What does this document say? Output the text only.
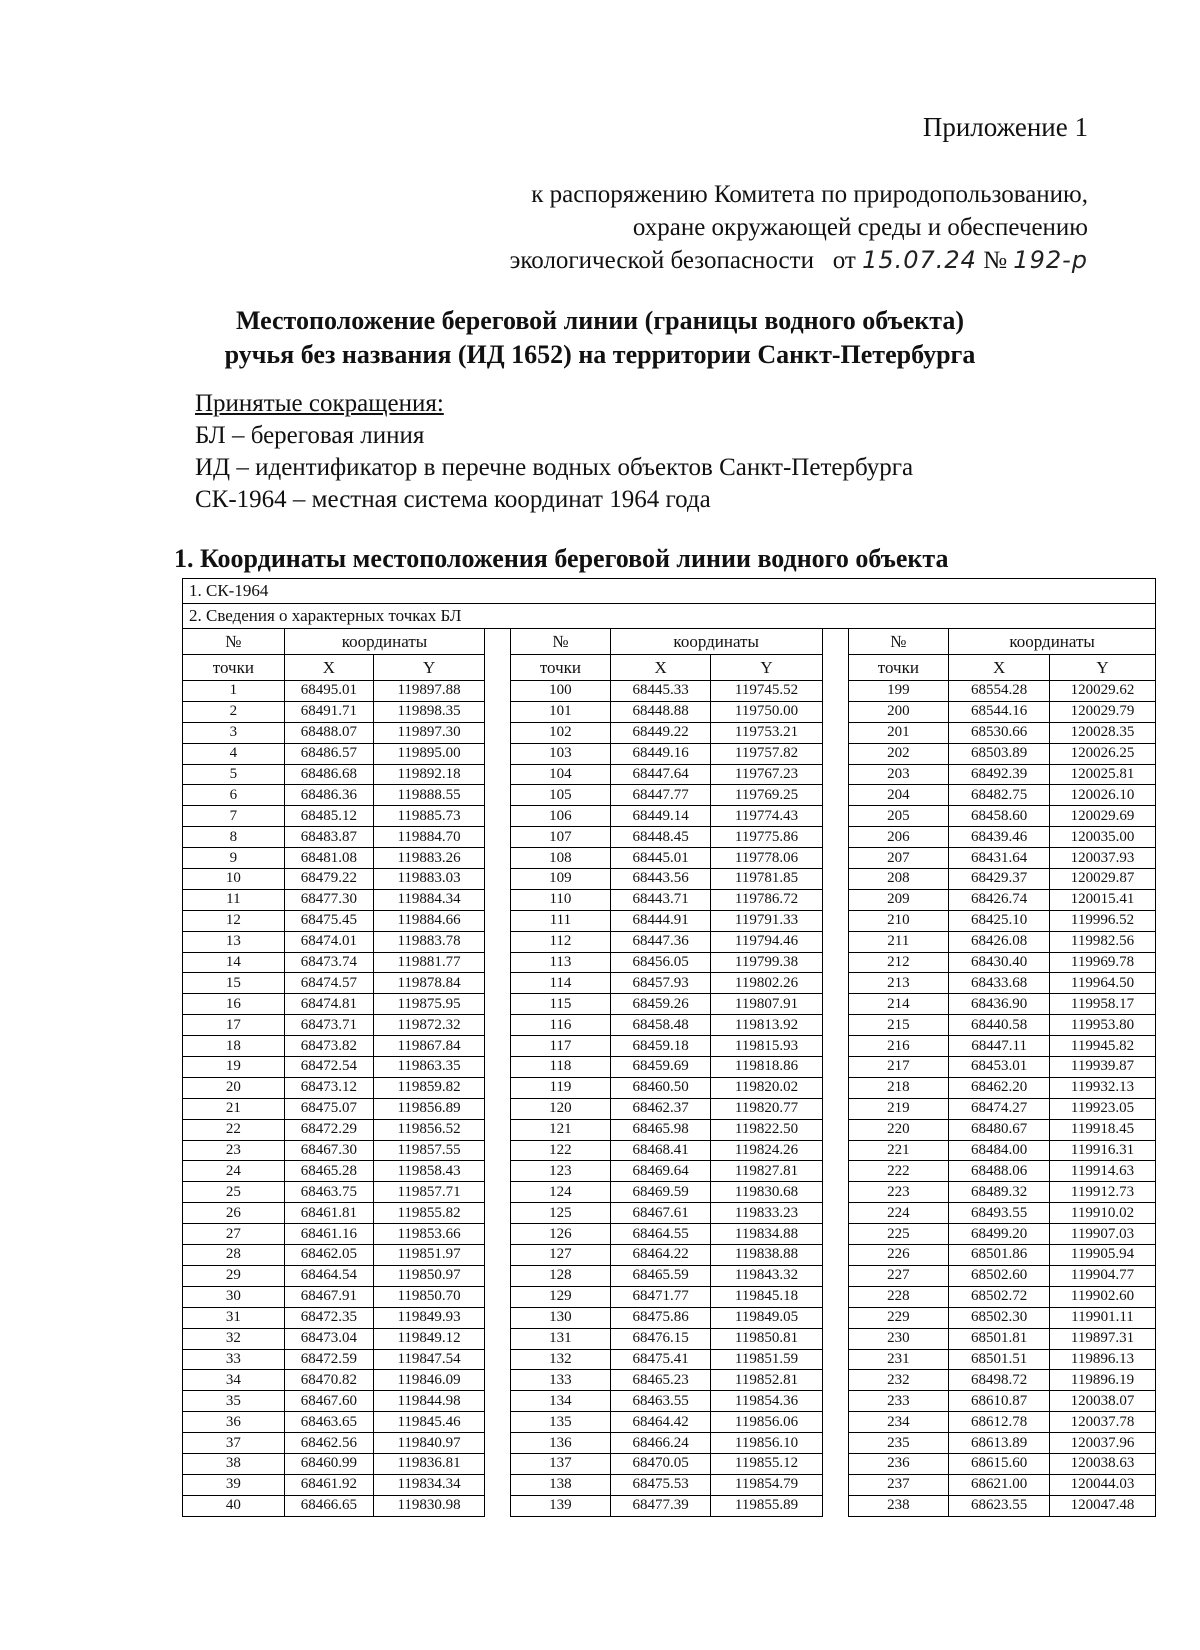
Приложение 1
к распоряжению Комитета по природопользованию,
охране окружающей среды и обеспечению
экологической безопасности от 15.07.24 № 192-р
Местоположение береговой линии (границы водного объекта)
ручья без названия (ИД 1652) на территории Санкт-Петербурга
Принятые сокращения:
БЛ – береговая линия
ИД – идентификатор в перечне водных объектов Санкт-Петербурга
СК-1964 – местная система координат 1964 года
1. Координаты местоположения береговой линии водного объекта
1. СК-1964										
2. Сведения о характерных точках БЛ										
№	координаты			№	координаты			№	координаты	
точки	X	Y		точки	X	Y		точки	X	Y
1	68495.01	119897.88		100	68445.33	119745.52		199	68554.28	120029.62
2	68491.71	119898.35		101	68448.88	119750.00		200	68544.16	120029.79
3	68488.07	119897.30		102	68449.22	119753.21		201	68530.66	120028.35
4	68486.57	119895.00		103	68449.16	119757.82		202	68503.89	120026.25
5	68486.68	119892.18		104	68447.64	119767.23		203	68492.39	120025.81
6	68486.36	119888.55		105	68447.77	119769.25		204	68482.75	120026.10
7	68485.12	119885.73		106	68449.14	119774.43		205	68458.60	120029.69
8	68483.87	119884.70		107	68448.45	119775.86		206	68439.46	120035.00
9	68481.08	119883.26		108	68445.01	119778.06		207	68431.64	120037.93
10	68479.22	119883.03		109	68443.56	119781.85		208	68429.37	120029.87
11	68477.30	119884.34		110	68443.71	119786.72		209	68426.74	120015.41
12	68475.45	119884.66		111	68444.91	119791.33		210	68425.10	119996.52
13	68474.01	119883.78		112	68447.36	119794.46		211	68426.08	119982.56
14	68473.74	119881.77		113	68456.05	119799.38		212	68430.40	119969.78
15	68474.57	119878.84		114	68457.93	119802.26		213	68433.68	119964.50
16	68474.81	119875.95		115	68459.26	119807.91		214	68436.90	119958.17
17	68473.71	119872.32		116	68458.48	119813.92		215	68440.58	119953.80
18	68473.82	119867.84		117	68459.18	119815.93		216	68447.11	119945.82
19	68472.54	119863.35		118	68459.69	119818.86		217	68453.01	119939.87
20	68473.12	119859.82		119	68460.50	119820.02		218	68462.20	119932.13
21	68475.07	119856.89		120	68462.37	119820.77		219	68474.27	119923.05
22	68472.29	119856.52		121	68465.98	119822.50		220	68480.67	119918.45
23	68467.30	119857.55		122	68468.41	119824.26		221	68484.00	119916.31
24	68465.28	119858.43		123	68469.64	119827.81		222	68488.06	119914.63
25	68463.75	119857.71		124	68469.59	119830.68		223	68489.32	119912.73
26	68461.81	119855.82		125	68467.61	119833.23		224	68493.55	119910.02
27	68461.16	119853.66		126	68464.55	119834.88		225	68499.20	119907.03
28	68462.05	119851.97		127	68464.22	119838.88		226	68501.86	119905.94
29	68464.54	119850.97		128	68465.59	119843.32		227	68502.60	119904.77
30	68467.91	119850.70		129	68471.77	119845.18		228	68502.72	119902.60
31	68472.35	119849.93		130	68475.86	119849.05		229	68502.30	119901.11
32	68473.04	119849.12		131	68476.15	119850.81		230	68501.81	119897.31
33	68472.59	119847.54		132	68475.41	119851.59		231	68501.51	119896.13
34	68470.82	119846.09		133	68465.23	119852.81		232	68498.72	119896.19
35	68467.60	119844.98		134	68463.55	119854.36		233	68610.87	120038.07
36	68463.65	119845.46		135	68464.42	119856.06		234	68612.78	120037.78
37	68462.56	119840.97		136	68466.24	119856.10		235	68613.89	120037.96
38	68460.99	119836.81		137	68470.05	119855.12		236	68615.60	120038.63
39	68461.92	119834.34		138	68475.53	119854.79		237	68621.00	120044.03
40	68466.65	119830.98		139	68477.39	119855.89		238	68623.55	120047.48
